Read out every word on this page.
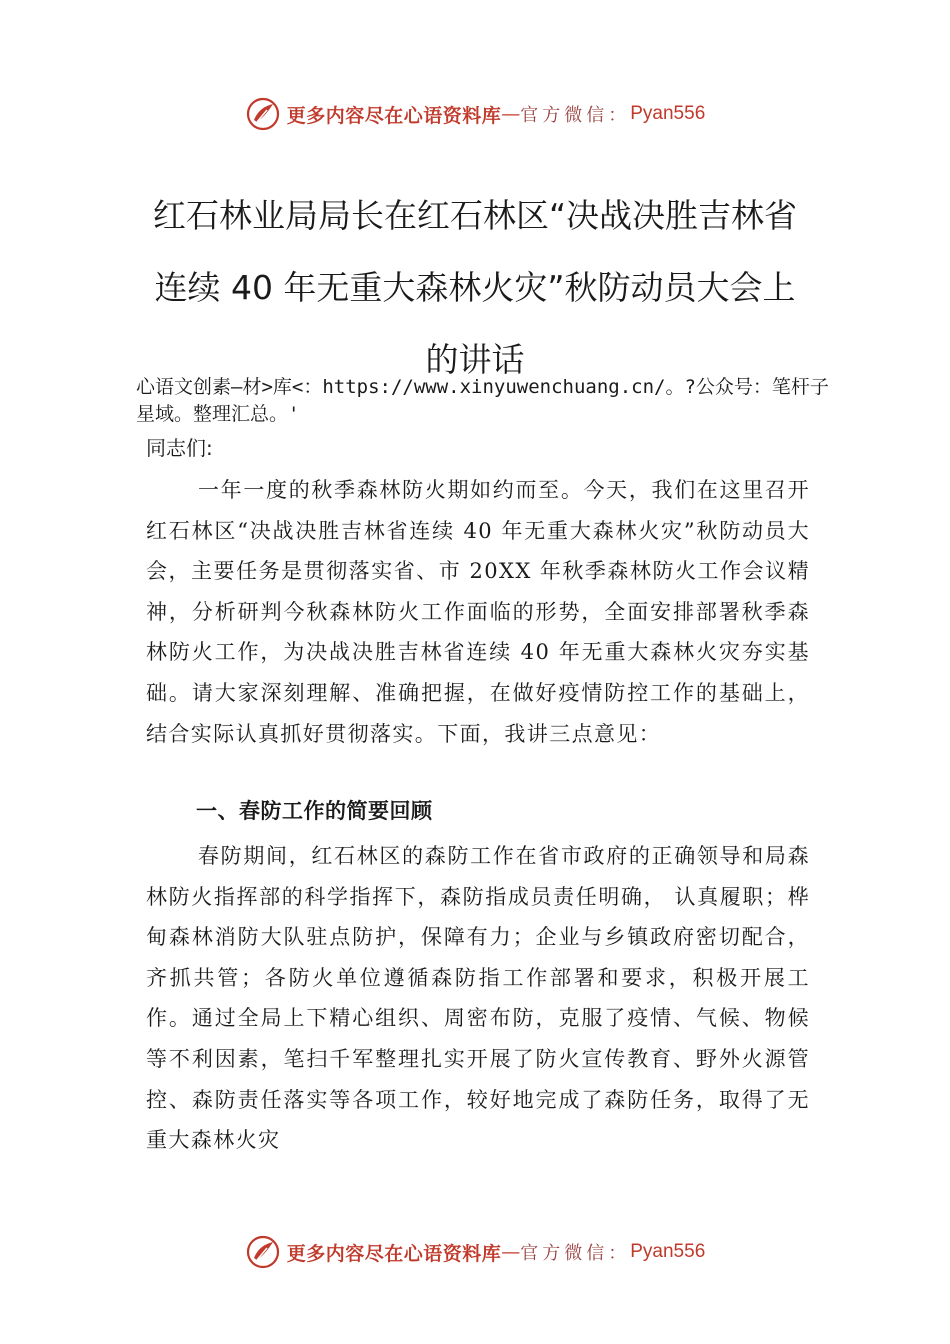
更多内容尽在心语资料库 — 官方微信： Pyan556
红石林业局局长在红石林区“决战决胜吉林省连续 40 年无重大森林火灾”秋防动员大会上的讲话

心语文创素—材>库<：https://www.xinyuwenchuang.cn/。?公众号：笔杆子星域。整理汇总。'

同志们:

一年一度的秋季森林防火期如约而至。今天，我们在这里召开红石林区“决战决胜吉林省连续 40 年无重大森林火灾”秋防动员大会，主要任务是贯彻落实省、市 20XX 年秋季森林防火工作会议精神，分析研判今秋森林防火工作面临的形势，全面安排部署秋季森林防火工作，为决战决胜吉林省连续 40 年无重大森林火灾夯实基础。请大家深刻理解、准确把握，在做好疫情防控工作的基础上，结合实际认真抓好贯彻落实。下面，我讲三点意见：

一、春防工作的简要回顾

春防期间，红石林区的森防工作在省市政府的正确领导和局森林防火指挥部的科学指挥下，森防指成员责任明确， 认真履职；桦甸森林消防大队驻点防护，保障有力；企业与乡镇政府密切配合，齐抓共管；各防火单位遵循森防指工作部署和要求，积极开展工作。通过全局上下精心组织、周密布防，克服了疫情、气候、物候等不利因素，笔扫千军整理扎实开展了防火宣传教育、野外火源管控、森防责任落实等各项工作，较好地完成了森防任务，取得了无重大森林火灾

更多内容尽在心语资料库 — 官方微信： Pyan556
